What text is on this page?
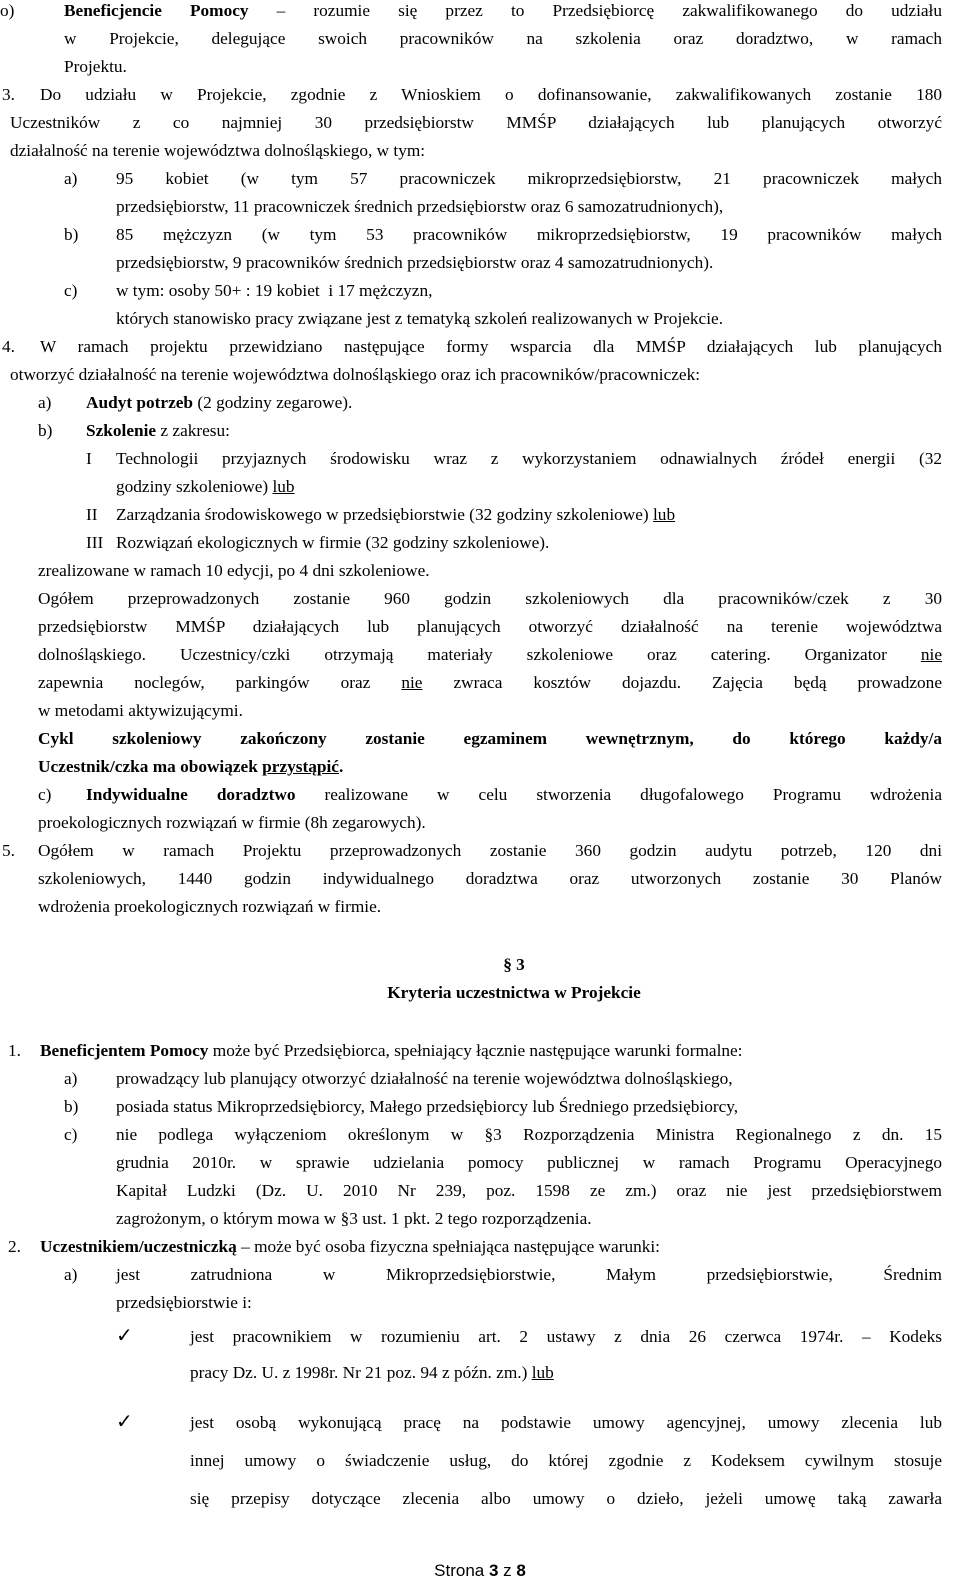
o)	Beneficjencie Pomocy – rozumie się przez to Przedsiębiorcę zakwalifikowanego do udziału
w Projekcie, delegujące swoich pracowników na szkolenia oraz doradztwo, w ramach
Projektu.
3. Do udziału w Projekcie, zgodnie z Wnioskiem o dofinansowanie, zakwalifikowanych zostanie 180
Uczestników z co najmniej 30 przedsiębiorstw MMŚP działających lub planujących otworzyć
działalność na terenie województwa dolnośląskiego, w tym:
a) 95 kobiet (w tym 57 pracowniczek mikroprzedsiębiorstw, 21 pracowniczek małych
przedsiębiorstw, 11 pracowniczek średnich przedsiębiorstw oraz 6 samozatrudnionych),
b) 85 mężczyzn (w tym 53 pracowników mikroprzedsiębiorstw, 19 pracowników małych
przedsiębiorstw, 9 pracowników średnich przedsiębiorstw oraz 4 samozatrudnionych).
c) w tym: osoby 50+ : 19 kobiet  i 17 mężczyzn,
których stanowisko pracy związane jest z tematyką szkoleń realizowanych w Projekcie.
4. W ramach projektu przewidziano następujące formy wsparcia dla MMŚP działających lub planujących
otworzyć działalność na terenie województwa dolnośląskiego oraz ich pracowników/pracowniczek:
a) Audyt potrzeb (2 godziny zegarowe).
b) Szkolenie z zakresu:
I Technologii przyjaznych środowisku wraz z wykorzystaniem odnawialnych źródeł energii (32
godziny szkoleniowe) lub
II Zarządzania środowiskowego w przedsiębiorstwie (32 godziny szkoleniowe) lub
III Rozwiązań ekologicznych w firmie (32 godziny szkoleniowe).
zrealizowane w ramach 10 edycji, po 4 dni szkoleniowe.
Ogółem przeprowadzonych zostanie 960 godzin szkoleniowych dla pracowników/czek z 30
przedsiębiorstw MMŚP działających lub planujących otworzyć działalność na terenie województwa
dolnośląskiego. Uczestnicy/czki otrzymają materiały szkoleniowe oraz catering. Organizator nie
zapewnia noclegów, parkingów oraz nie zwraca kosztów dojazdu. Zajęcia będą prowadzone
w metodami aktywizującymi.
Cykl szkoleniowy zakończony zostanie egzaminem wewnętrznym, do którego każdy/a
Uczestnik/czka ma obowiązek przystąpić.
c) Indywidualne doradztwo realizowane w celu stworzenia długofalowego Programu wdrożenia
proekologicznych rozwiązań w firmie (8h zegarowych).
5. Ogółem w ramach Projektu przeprowadzonych zostanie 360 godzin audytu potrzeb, 120 dni
szkoleniowych, 1440 godzin indywidualnego doradztwa oraz utworzonych zostanie 30 Planów
wdrożenia proekologicznych rozwiązań w firmie.
§ 3
Kryteria uczestnictwa w Projekcie
1. Beneficjentem Pomocy może być Przedsiębiorca, spełniający łącznie następujące warunki formalne:
a) prowadzący lub planujący otworzyć działalność na terenie województwa dolnośląskiego,
b) posiada status Mikroprzedsiębiorcy, Małego przedsiębiorcy lub Średniego przedsiębiorcy,
c) nie podlega wyłączeniom określonym w §3 Rozporządzenia Ministra Regionalnego z dn. 15
grudnia 2010r. w sprawie udzielania pomocy publicznej w ramach Programu Operacyjnego
Kapitał Ludzki (Dz. U. 2010 Nr 239, poz. 1598 ze zm.) oraz nie jest przedsiębiorstwem
zagrożonym, o którym mowa w §3 ust. 1 pkt. 2 tego rozporządzenia.
2. Uczestnikiem/uczestniczką – może być osoba fizyczna spełniająca następujące warunki:
a) jest zatrudniona w Mikroprzedsiębiorstwie, Małym przedsiębiorstwie, Średnim
przedsiębiorstwie i:
✓	jest pracownikiem w rozumieniu art. 2 ustawy z dnia 26 czerwca 1974r. – Kodeks
pracy Dz. U. z 1998r. Nr 21 poz. 94 z późn. zm.) lub
✓	jest osobą wykonującą pracę na podstawie umowy agencyjnej, umowy zlecenia lub
innej umowy o świadczenie usług, do której zgodnie z Kodeksem cywilnym stosuje
się przepisy dotyczące zlecenia albo umowy o dzieło, jeżeli umowę taką zawarła
Strona 3 z 8
